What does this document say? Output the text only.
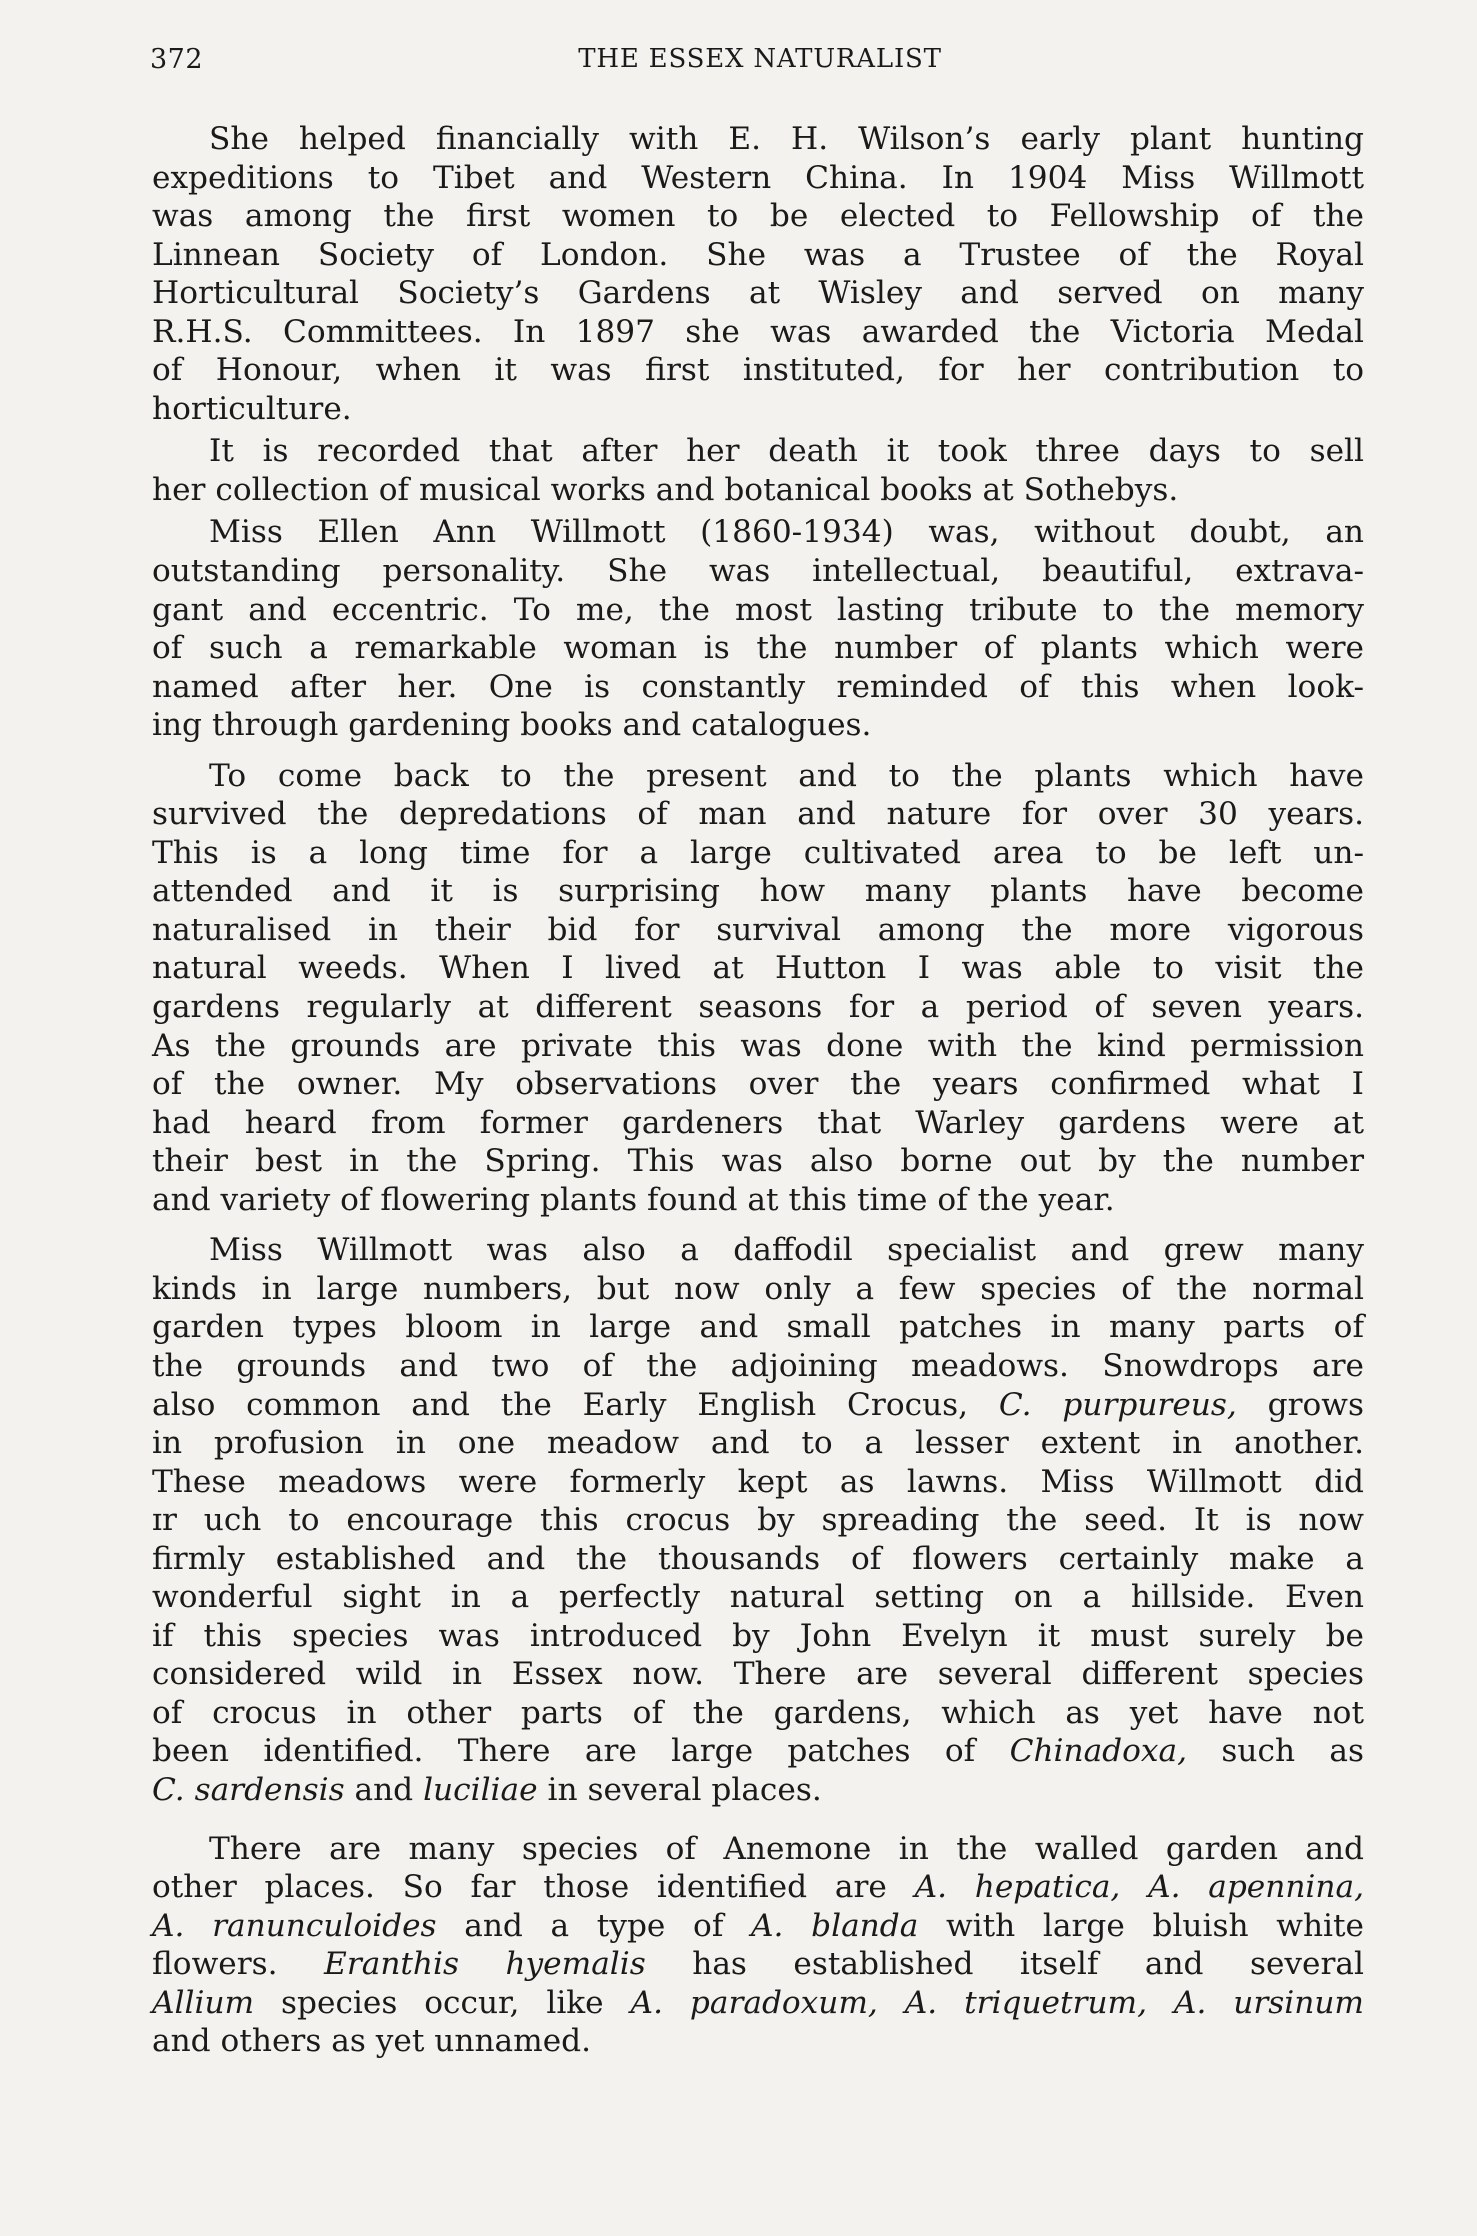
372	THE ESSEX NATURALIST
She helped financially with E. H. Wilson’s early plant hunting
expeditions to Tibet and Western China. In 1904 Miss Willmott
was among the first women to be elected to Fellowship of the
Linnean Society of London. She was a Trustee of the Royal
Horticultural Society’s Gardens at Wisley and served on many
R.H.S. Committees. In 1897 she was awarded the Victoria Medal
of Honour, when it was first instituted, for her contribution to
horticulture.
It is recorded that after her death it took three days to sell
her collection of musical works and botanical books at Sothebys.
Miss Ellen Ann Willmott (1860-1934) was, without doubt, an
outstanding personality. She was intellectual, beautiful, extrava-
gant and eccentric. To me, the most lasting tribute to the memory
of such a remarkable woman is the number of plants which were
named after her. One is constantly reminded of this when look-
ing through gardening books and catalogues.
To come back to the present and to the plants which have
survived the depredations of man and nature for over 30 years.
This is a long time for a large cultivated area to be left un-
attended and it is surprising how many plants have become
naturalised in their bid for survival among the more vigorous
natural weeds. When I lived at Hutton I was able to visit the
gardens regularly at different seasons for a period of seven years.
As the grounds are private this was done with the kind permission
of the owner. My observations over the years confirmed what I
had heard from former gardeners that Warley gardens were at
their best in the Spring. This was also borne out by the number
and variety of flowering plants found at this time of the year.
Miss Willmott was also a daffodil specialist and grew many
kinds in large numbers, but now only a few species of the normal
garden types bloom in large and small patches in many parts of
the grounds and two of the adjoining meadows. Snowdrops are
also common and the Early English Crocus, C. purpureus, grows
in profusion in one meadow and to a lesser extent in another.
These meadows were formerly kept as lawns. Miss Willmott did
ɪr uch to encourage this crocus by spreading the seed. It is now
firmly established and the thousands of flowers certainly make a
wonderful sight in a perfectly natural setting on a hillside. Even
if this species was introduced by John Evelyn it must surely be
considered wild in Essex now. There are several different species
of crocus in other parts of the gardens, which as yet have not
been identified. There are large patches of Chinadoxa, such as
C. sardensis and luciliae in several places.
There are many species of Anemone in the walled garden and
other places. So far those identified are A. hepatica, A. apennina,
A. ranunculoides and a type of A. blanda with large bluish white
flowers. Eranthis hyemalis has established itself and several
Allium species occur, like A. paradoxum, A. triquetrum, A. ursinum
and others as yet unnamed.
